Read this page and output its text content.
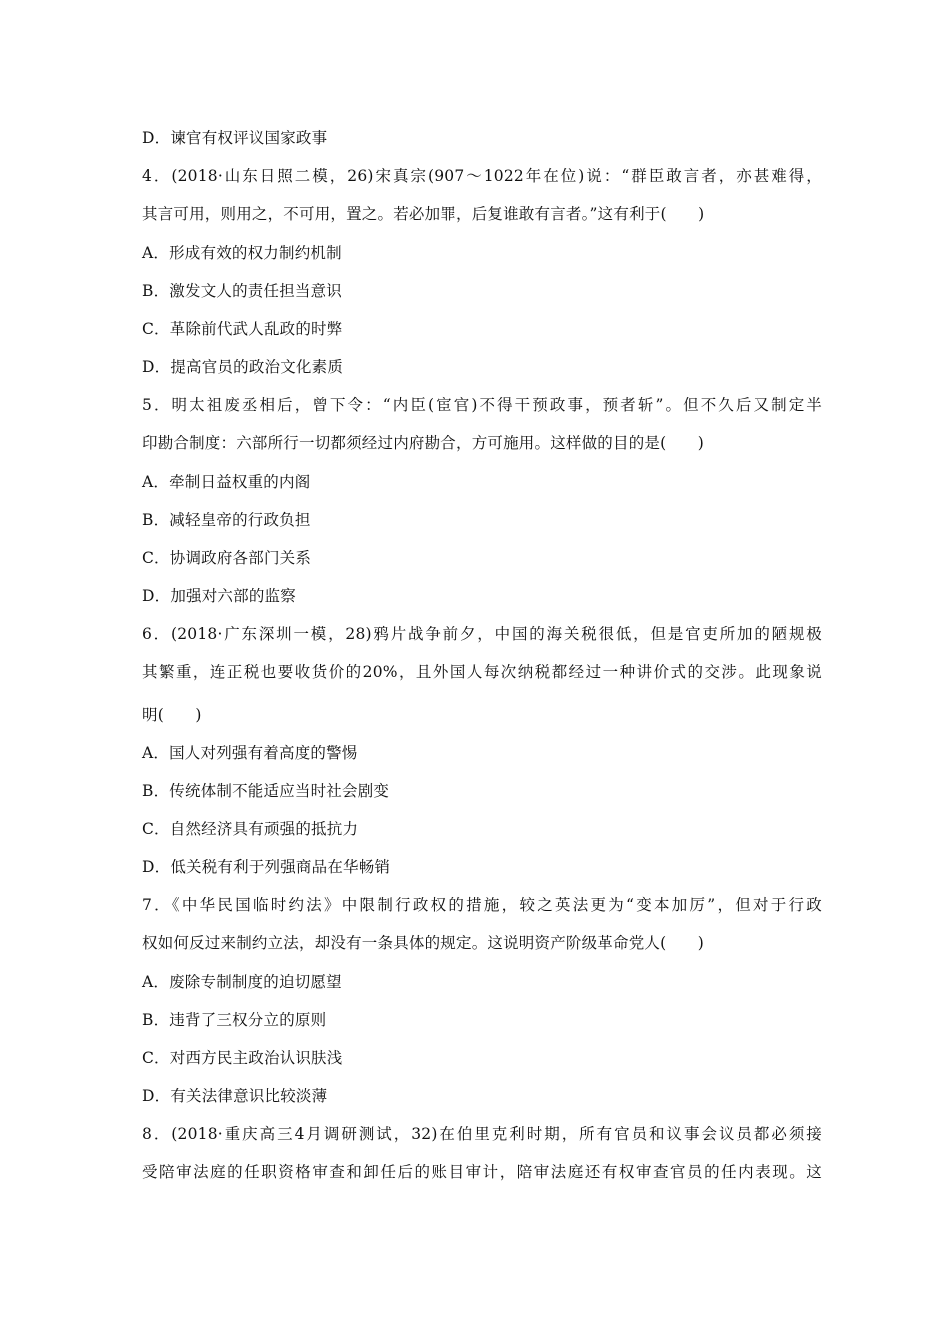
D．谏官有权评议国家政事
4．(2018·山东日照二模，26)宋真宗(907～1022年在位)说：“群臣敢言者，亦甚难得，
其言可用，则用之，不可用，置之。若必加罪，后复谁敢有言者。”这有利于(　　)
A．形成有效的权力制约机制
B．激发文人的责任担当意识
C．革除前代武人乱政的时弊
D．提高官员的政治文化素质
5．明太祖废丞相后，曾下令：“内臣(宦官)不得干预政事，预者斩”。但不久后又制定半
印勘合制度：六部所行一切都须经过内府勘合，方可施用。这样做的目的是(　　)
A．牵制日益权重的内阁
B．减轻皇帝的行政负担
C．协调政府各部门关系
D．加强对六部的监察
6．(2018·广东深圳一模，28)鸦片战争前夕，中国的海关税很低，但是官吏所加的陋规极
其繁重，连正税也要收货价的20%，且外国人每次纳税都经过一种讲价式的交涉。此现象说
明(　　)
A．国人对列强有着高度的警惕
B．传统体制不能适应当时社会剧变
C．自然经济具有顽强的抵抗力
D．低关税有利于列强商品在华畅销
7．《中华民国临时约法》中限制行政权的措施，较之英法更为“变本加厉”，但对于行政
权如何反过来制约立法，却没有一条具体的规定。这说明资产阶级革命党人(　　)
A．废除专制制度的迫切愿望
B．违背了三权分立的原则
C．对西方民主政治认识肤浅
D．有关法律意识比较淡薄
8．(2018·重庆高三4月调研测试，32)在伯里克利时期，所有官员和议事会议员都必须接
受陪审法庭的任职资格审查和卸任后的账目审计，陪审法庭还有权审查官员的任内表现。这
